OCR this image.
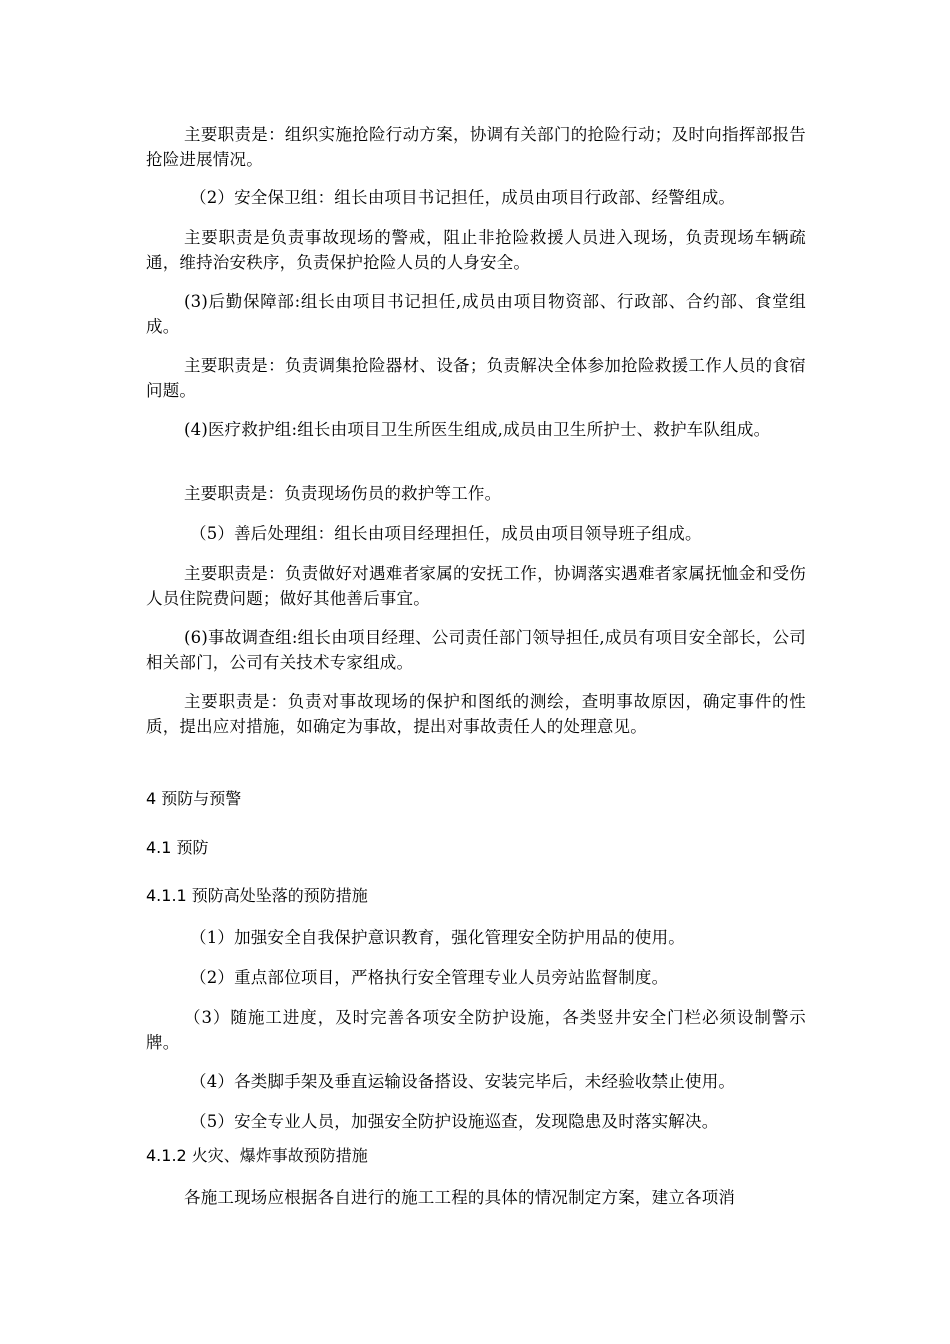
主要职责是：组织实施抢险行动方案，协调有关部门的抢险行动；及时向指挥部报告抢险进展情况。

（2）安全保卫组：组长由项目书记担任，成员由项目行政部、经警组成。

主要职责是负责事故现场的警戒，阻止非抢险救援人员进入现场，负责现场车辆疏通，维持治安秩序，负责保护抢险人员的人身安全。

(3)后勤保障部:组长由项目书记担任,成员由项目物资部、行政部、合约部、食堂组成。

主要职责是：负责调集抢险器材、设备；负责解决全体参加抢险救援工作人员的食宿问题。

(4)医疗救护组:组长由项目卫生所医生组成,成员由卫生所护士、救护车队组成。

主要职责是：负责现场伤员的救护等工作。

（5）善后处理组：组长由项目经理担任，成员由项目领导班子组成。

主要职责是：负责做好对遇难者家属的安抚工作，协调落实遇难者家属抚恤金和受伤人员住院费问题；做好其他善后事宜。

(6)事故调查组:组长由项目经理、公司责任部门领导担任,成员有项目安全部长，公司相关部门，公司有关技术专家组成。

主要职责是：负责对事故现场的保护和图纸的测绘，查明事故原因，确定事件的性质，提出应对措施，如确定为事故，提出对事故责任人的处理意见。

4 预防与预警
4.1 预防
4.1.1 预防高处坠落的预防措施

（1）加强安全自我保护意识教育，强化管理安全防护用品的使用。

（2）重点部位项目，严格执行安全管理专业人员旁站监督制度。

（3）随施工进度，及时完善各项安全防护设施，各类竖井安全门栏必须设制警示牌。

（4）各类脚手架及垂直运输设备搭设、安装完毕后，未经验收禁止使用。

（5）安全专业人员，加强安全防护设施巡查，发现隐患及时落实解决。

4.1.2 火灾、爆炸事故预防措施

各施工现场应根据各自进行的施工工程的具体的情况制定方案，建立各项消
